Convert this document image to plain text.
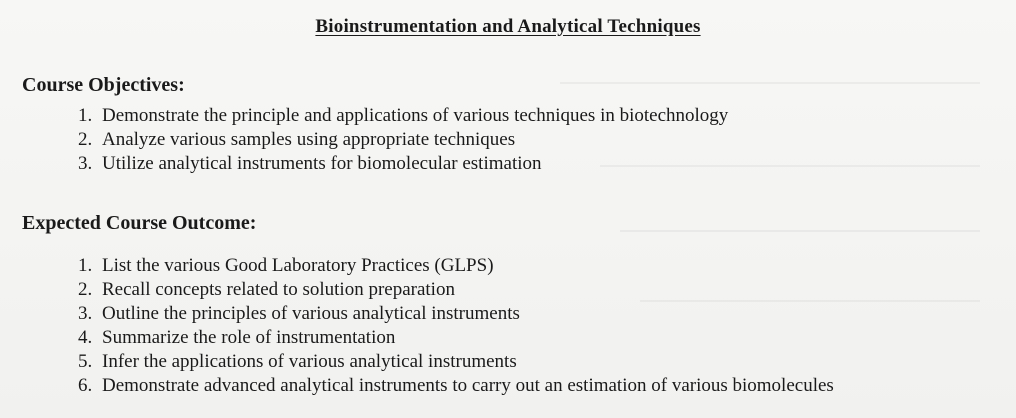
Bioinstrumentation and Analytical Techniques
Course Objectives:
1. Demonstrate the principle and applications of various techniques in biotechnology
2. Analyze various samples using appropriate techniques
3. Utilize analytical instruments for biomolecular estimation
Expected Course Outcome:
1. List the various Good Laboratory Practices (GLPS)
2. Recall concepts related to solution preparation
3. Outline the principles of various analytical instruments
4. Summarize the role of instrumentation
5. Infer the applications of various analytical instruments
6. Demonstrate advanced analytical instruments to carry out an estimation of various biomolecules
